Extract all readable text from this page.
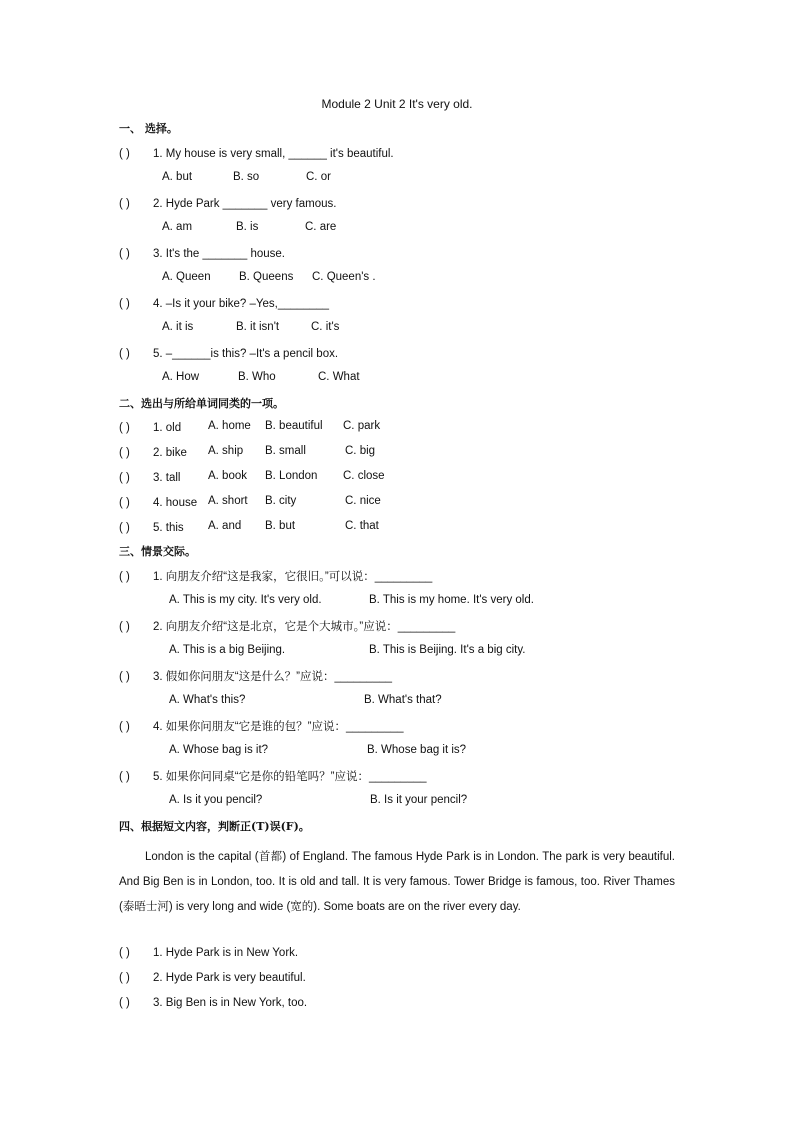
Module 2 Unit 2 It's very old.
一、 选择。
( ) 1. My house is very small, ______ it's beautiful.
A. but	B. so	C. or
( ) 2. Hyde Park _______ very famous.
A. am	B. is	C. are
( ) 3. It's the _______ house.
A. Queen B. Queens C. Queen's .
( ) 4. –Is it your bike? –Yes,________
A. it is	B. it isn't	C. it's
( ) 5. –______is this? –It's a pencil box.
A. How	B. Who	C. What
二、选出与所给单词同类的一项。
( ) 1. old A. home B. beautiful C. park
( ) 2. bike A. ship B. small	C. big
( ) 3. tall A. book B. London C. close
( ) 4. house A. short B. city	C. nice
( ) 5. this A. and B. but	C. that
三、情景交际。
( ) 1. 向朋友介绍“这是我家，它很旧。”可以说：_________
A. This is my city. It's very old.	B. This is my home. It's very old.
( ) 2. 向朋友介绍“这是北京，它是个大城市。”应说：_________
A. This is a big Beijing.	B. This is Beijing. It's a big city.
( ) 3. 假如你问朋友“这是什么？”应说：_________
A. What's this?	B. What's that?
( ) 4. 如果你问朋友“它是谁的包？”应说：_________
A. Whose bag is it?	B. Whose bag it is?
( ) 5. 如果你问同桌“它是你的铅笔吗？”应说：_________
A. Is it you pencil?	B. Is it your pencil?
四、根据短文内容，判断正(T)误(F)。
London is the capital (首都) of England. The famous Hyde Park is in London. The park is very beautiful. And Big Ben is in London, too. It is old and tall. It is very famous. Tower Bridge is famous, too. River Thames (泰晤士河) is very long and wide (宽的). Some boats are on the river every day.
( ) 1. Hyde Park is in New York.
( ) 2. Hyde Park is very beautiful.
( ) 3. Big Ben is in New York, too.
